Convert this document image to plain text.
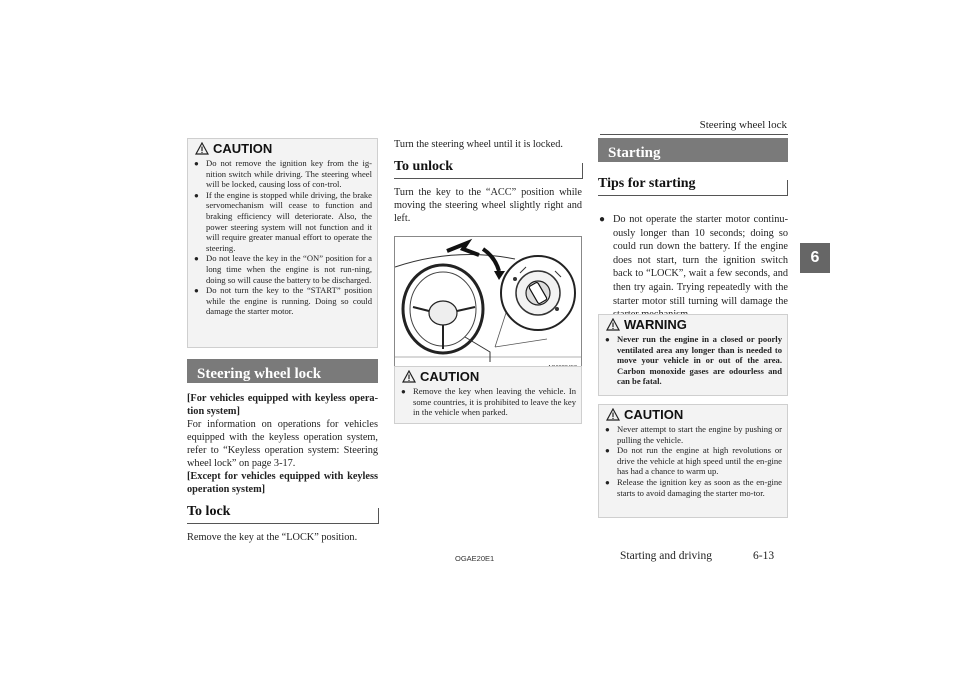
Steering wheel lock
6
CAUTION
● Do not remove the ignition key from the ig-nition switch while driving. The steering wheel will be locked, causing loss of con-trol.
● If the engine is stopped while driving, the brake servomechanism will cease to function and braking efficiency will deteriorate. Also, the power steering system will not function and it will require greater manual effort to operate the steering.
● Do not leave the key in the “ON” position for a long time when the engine is not run-ning, doing so will cause the battery to be discharged.
● Do not turn the key to the “START” position while the engine is running. Doing so could damage the starter motor.
Steering wheel lock
[For vehicles equipped with keyless opera-tion system]
For information on operations for vehicles equipped with the keyless operation system, refer to “Keyless operation system: Steering wheel lock” on page 3-17.
[Except for vehicles equipped with keyless operation system]
To lock
Remove the key at the “LOCK” position.
Turn the steering wheel until it is locked.
To unlock
Turn the key to the “ACC” position while moving the steering wheel slightly right and left.
CAUTION
● Remove the key when leaving the vehicle. In some countries, it is prohibited to leave the key in the vehicle when parked.
Starting
Tips for starting
● Do not operate the starter motor continu-ously longer than 10 seconds; doing so could run down the battery. If the engine does not start, turn the ignition switch back to “LOCK”, wait a few seconds, and then try again. Trying repeatedly with the starter motor still turning will damage the
WARNING
● Never run the engine in a closed or poorly ventilated area any longer than is needed to move your vehicle in or out of the area. Carbon monoxide gases are odourless and can be fatal.
CAUTION
● Never attempt to start the engine by pushing or pulling the vehicle.
● Do not run the engine at high revolutions or drive the vehicle at high speed until the en-gine has had a chance to warm up.
● Release the ignition key as soon as the en-gine starts to avoid damaging the starter mo-tor.
OGAE20E1	Starting and driving	6-13
